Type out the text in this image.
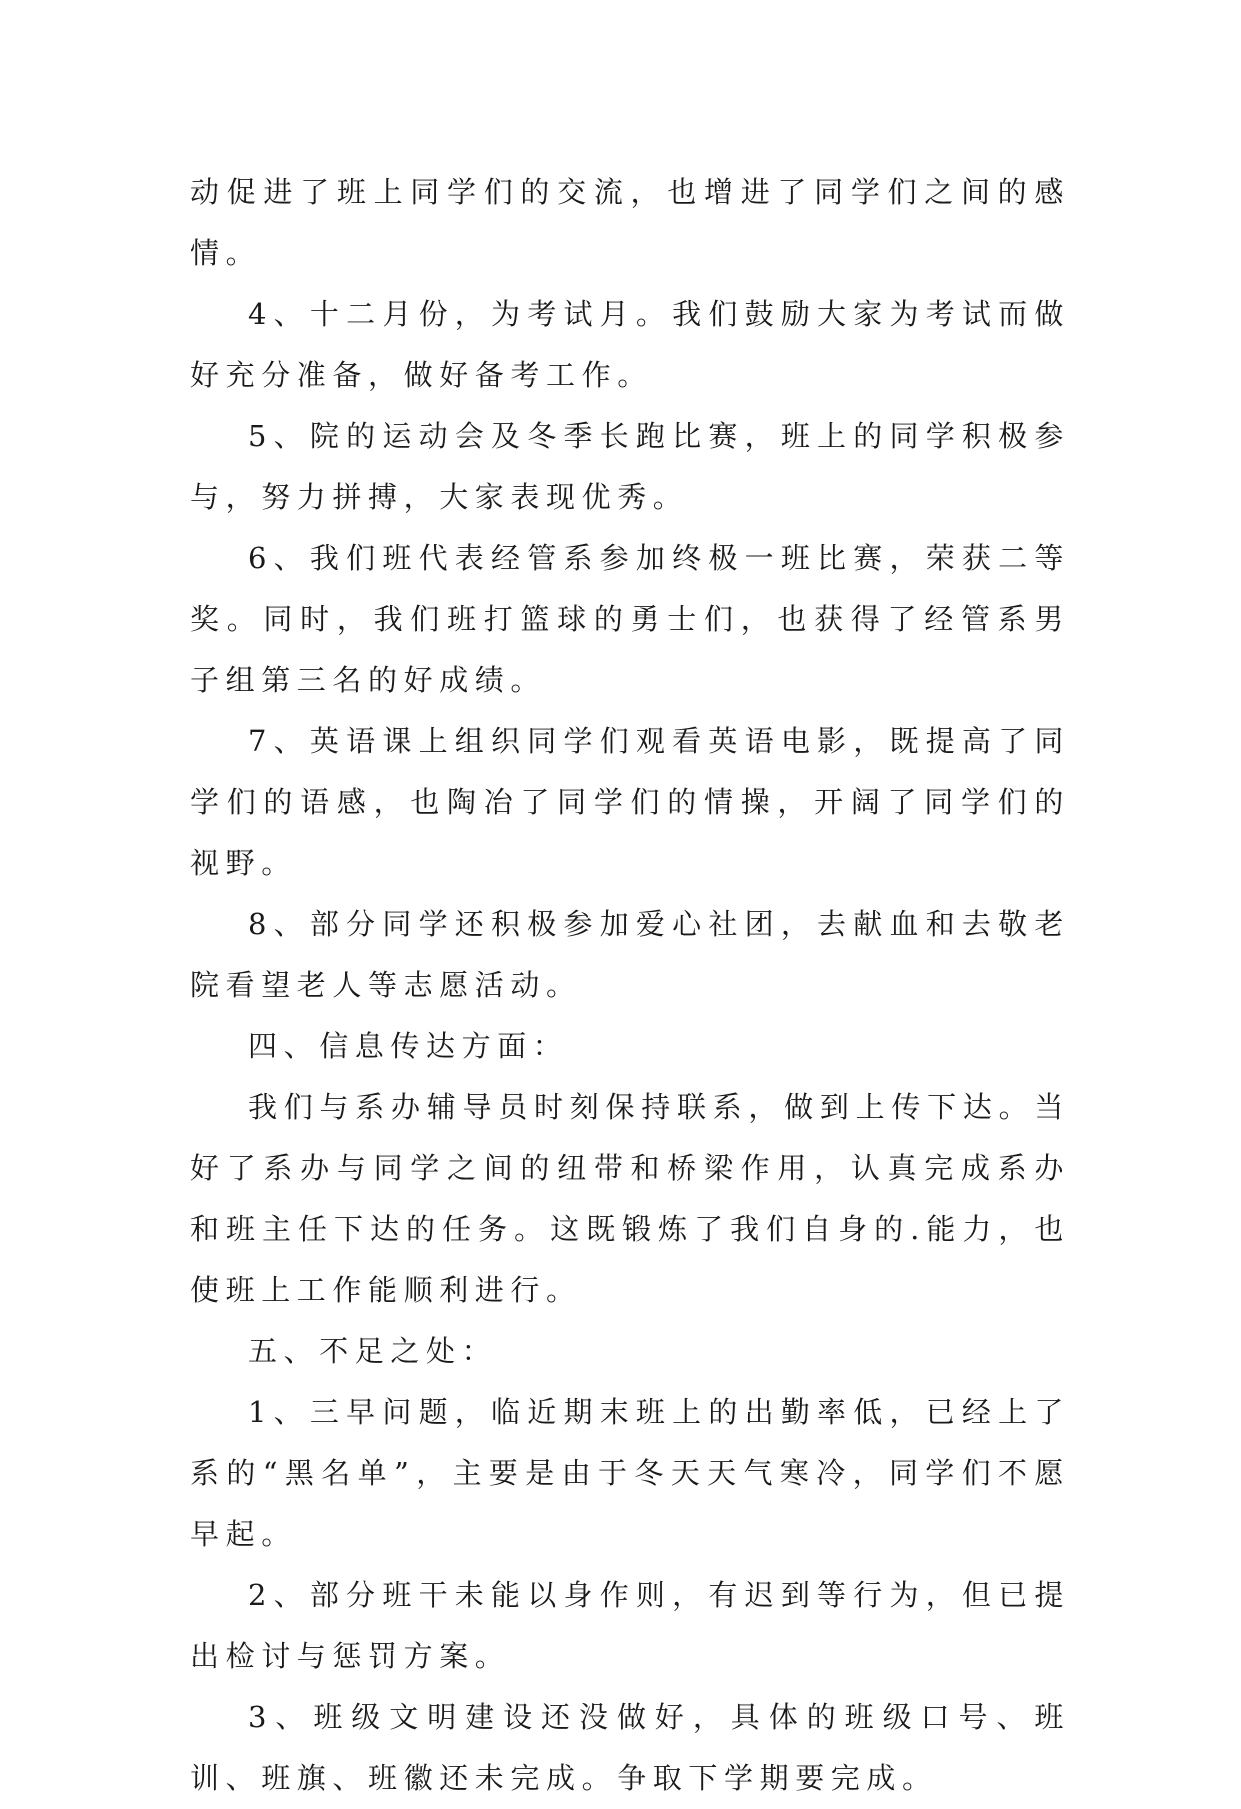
动促进了班上同学们的交流，也增进了同学们之间的感情。

4、十二月份，为考试月。我们鼓励大家为考试而做好充分准备，做好备考工作。

5、院的运动会及冬季长跑比赛，班上的同学积极参与，努力拼搏，大家表现优秀。

6、我们班代表经管系参加终极一班比赛，荣获二等奖。同时，我们班打篮球的勇士们，也获得了经管系男子组第三名的好成绩。

7、英语课上组织同学们观看英语电影，既提高了同学们的语感，也陶冶了同学们的情操，开阔了同学们的视野。

8、部分同学还积极参加爱心社团，去献血和去敬老院看望老人等志愿活动。

四、信息传达方面：

我们与系办辅导员时刻保持联系，做到上传下达。当好了系办与同学之间的纽带和桥梁作用，认真完成系办和班主任下达的任务。这既锻炼了我们自身的.能力，也使班上工作能顺利进行。

五、不足之处：

1、三早问题，临近期末班上的出勤率低，已经上了系的“黑名单”，主要是由于冬天天气寒冷，同学们不愿早起。

2、部分班干未能以身作则，有迟到等行为，但已提出检讨与惩罚方案。

3、班级文明建设还没做好，具体的班级口号、班训、班旗、班徽还未完成。争取下学期要完成。
